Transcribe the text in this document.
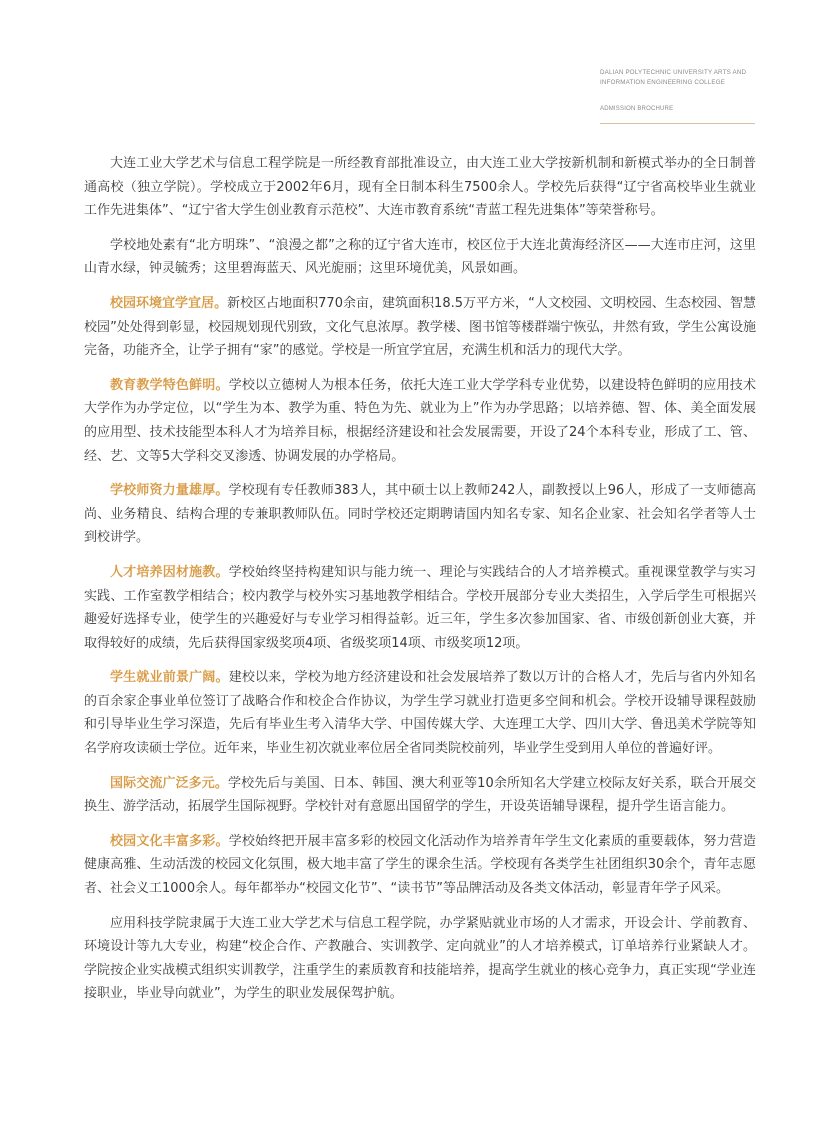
DALIAN POLYTECHNIC UNIVERSITY ARTS AND INFORMATION ENGINEERING COLLEGE
ADMISSION BROCHURE

大连工业大学艺术与信息工程学院是一所经教育部批准设立，由大连工业大学按新机制和新模式举办的全日制普通高校（独立学院）。学校成立于2002年6月，现有全日制本科生7500余人。学校先后获得“辽宁省高校毕业生就业工作先进集体”、“辽宁省大学生创业教育示范校”、大连市教育系统“青蓝工程先进集体”等荣誉称号。

学校地处素有“北方明珠”、“浪漫之都”之称的辽宁省大连市，校区位于大连北黄海经济区——大连市庄河，这里山青水绿，钟灵毓秀；这里碧海蓝天、风光旎丽；这里环境优美，风景如画。

校园环境宜学宜居。新校区占地面积770余亩，建筑面积18.5万平方米，“人文校园、文明校园、生态校园、智慧校园”处处得到彰显，校园规划现代别致，文化气息浓厚。教学楼、图书馆等楼群端宁恢弘，井然有致，学生公寓设施完备，功能齐全，让学子拥有“家”的感觉。学校是一所宜学宜居，充满生机和活力的现代大学。

教育教学特色鲜明。学校以立德树人为根本任务，依托大连工业大学学科专业优势，以建设特色鲜明的应用技术大学作为办学定位，以“学生为本、教学为重、特色为先、就业为上”作为办学思路；以培养德、智、体、美全面发展的应用型、技术技能型本科人才为培养目标，根据经济建设和社会发展需要，开设了24个本科专业，形成了工、管、经、艺、文等5大学科交叉渗透、协调发展的办学格局。

学校师资力量雄厚。学校现有专任教师383人，其中硕士以上教师242人，副教授以上96人，形成了一支师德高尚、业务精良、结构合理的专兼职教师队伍。同时学校还定期聘请国内知名专家、知名企业家、社会知名学者等人士到校讲学。

人才培养因材施教。学校始终坚持构建知识与能力统一、理论与实践结合的人才培养模式。重视课堂教学与实习实践、工作室教学相结合；校内教学与校外实习基地教学相结合。学校开展部分专业大类招生，入学后学生可根据兴趣爱好选择专业，使学生的兴趣爱好与专业学习相得益彰。近三年，学生多次参加国家、省、市级创新创业大赛，并取得较好的成绩，先后获得国家级奖项4项、省级奖项14项、市级奖项12项。

学生就业前景广阔。建校以来，学校为地方经济建设和社会发展培养了数以万计的合格人才，先后与省内外知名的百余家企事业单位签订了战略合作和校企合作协议，为学生学习就业打造更多空间和机会。学校开设辅导课程鼓励和引导毕业生学习深造，先后有毕业生考入清华大学、中国传媒大学、大连理工大学、四川大学、鲁迅美术学院等知名学府攻读硕士学位。近年来，毕业生初次就业率位居全省同类院校前列，毕业学生受到用人单位的普遍好评。

国际交流广泛多元。学校先后与美国、日本、韩国、澳大利亚等10余所知名大学建立校际友好关系，联合开展交换生、游学活动，拓展学生国际视野。学校针对有意愿出国留学的学生，开设英语辅导课程，提升学生语言能力。

校园文化丰富多彩。学校始终把开展丰富多彩的校园文化活动作为培养青年学生文化素质的重要载体，努力营造健康高雅、生动活泼的校园文化氛围，极大地丰富了学生的课余生活。学校现有各类学生社团组织30余个，青年志愿者、社会义工1000余人。每年都举办“校园文化节”、“读书节”等品牌活动及各类文体活动，彰显青年学子风采。

应用科技学院隶属于大连工业大学艺术与信息工程学院，办学紧贴就业市场的人才需求，开设会计、学前教育、环境设计等九大专业，构建“校企合作、产教融合、实训教学、定向就业”的人才培养模式，订单培养行业紧缺人才。学院按企业实战模式组织实训教学，注重学生的素质教育和技能培养，提高学生就业的核心竞争力，真正实现“学业连接职业，毕业导向就业”，为学生的职业发展保驾护航。
